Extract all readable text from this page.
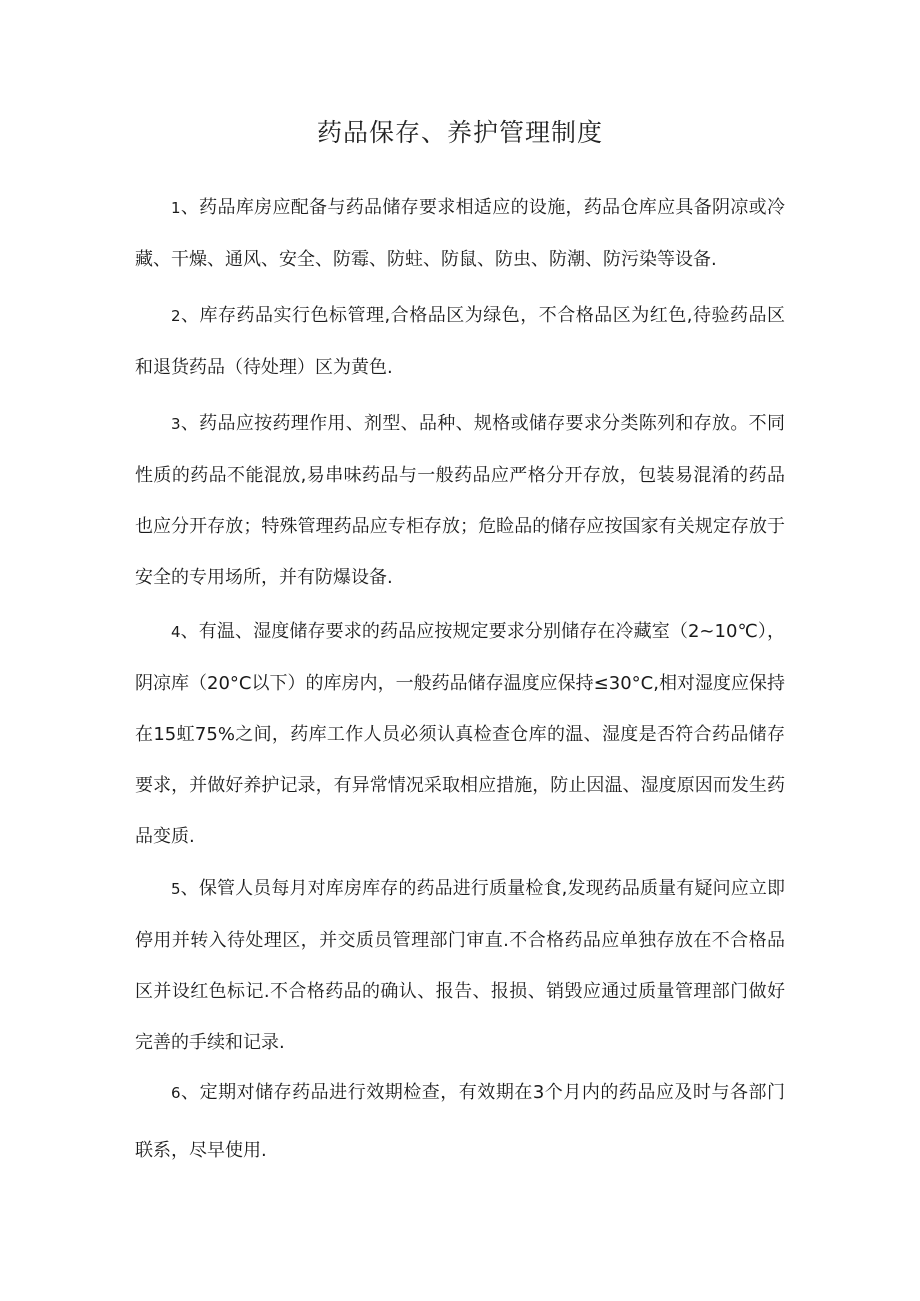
药品保存、养护管理制度

1、药品库房应配备与药品储存要求相适应的设施，药品仓库应具备阴凉或冷藏、干燥、通风、安全、防霉、防蛀、防鼠、防虫、防潮、防污染等设备.

2、库存药品实行色标管理,合格品区为绿色，不合格品区为红色,待验药品区和退货药品（待处理）区为黄色.

3、药品应按药理作用、剂型、品种、规格或储存要求分类陈列和存放。不同性质的药品不能混放,易串味药品与一般药品应严格分开存放，包装易混淆的药品也应分开存放；特殊管理药品应专柜存放；危睑品的储存应按国家有关规定存放于安全的专用场所，并有防爆设备.

4、有温、湿度储存要求的药品应按规定要求分别储存在冷藏室（2~10℃），阴凉库（20°C以下）的库房内，一般药品储存温度应保持≤30°C,相对湿度应保持在15虹75%之间，药库工作人员必须认真检查仓库的温、湿度是否符合药品储存要求，并做好养护记录，有异常情况采取相应措施，防止因温、湿度原因而发生药品变质.

5、保管人员每月对库房库存的药品进行质量检食,发现药品质量有疑问应立即停用并转入待处理区，并交质员管理部门审直.不合格药品应单独存放在不合格品区并设红色标记.不合格药品的确认、报告、报损、销毁应通过质量管理部门做好完善的手续和记录.

6、定期对储存药品进行效期检查，有效期在3个月内的药品应及时与各部门联系，尽早使用.
